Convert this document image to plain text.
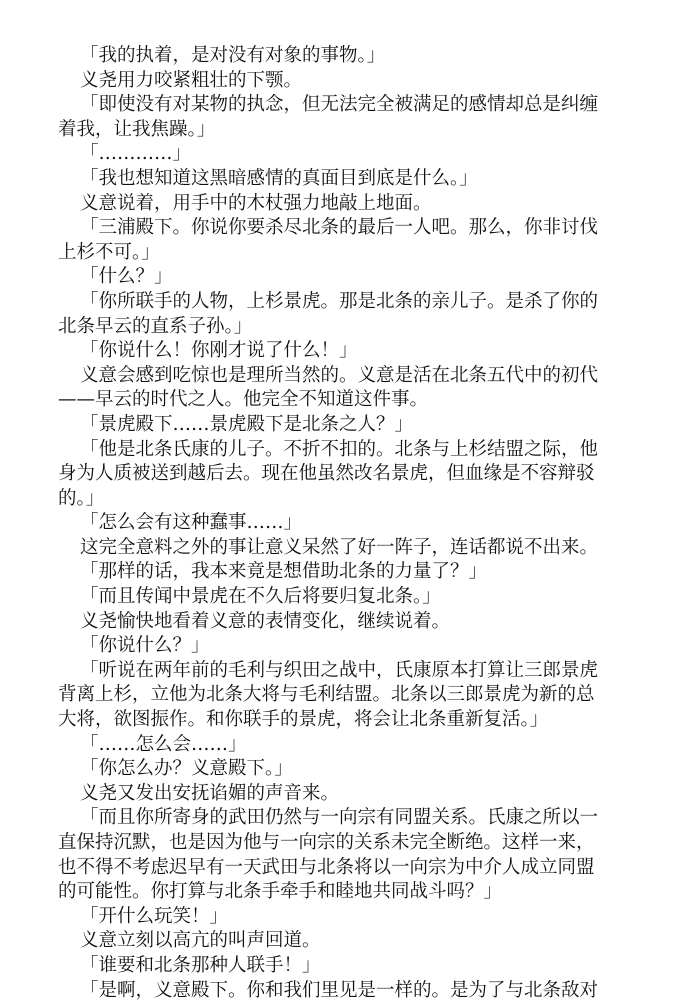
「我的执着，是对没有对象的事物。」
义尧用力咬紧粗壮的下颚。
「即使没有对某物的执念，但无法完全被满足的感情却总是纠缠
着我，让我焦躁。」
「…………」
「我也想知道这黑暗感情的真面目到底是什么。」
义意说着，用手中的木杖强力地敲上地面。
「三浦殿下。你说你要杀尽北条的最后一人吧。那么，你非讨伐
上杉不可。」
「什么？」
「你所联手的人物，上杉景虎。那是北条的亲儿子。是杀了你的
北条早云的直系子孙。」
「你说什么！你刚才说了什么！」
义意会感到吃惊也是理所当然的。义意是活在北条五代中的初代
——早云的时代之人。他完全不知道这件事。
「景虎殿下……景虎殿下是北条之人？」
「他是北条氏康的儿子。不折不扣的。北条与上杉结盟之际，他
身为人质被送到越后去。现在他虽然改名景虎，但血缘是不容辩驳
的。」
「怎么会有这种蠢事……」
这完全意料之外的事让意义呆然了好一阵子，连话都说不出来。
「那样的话，我本来竟是想借助北条的力量了？」
「而且传闻中景虎在不久后将要归复北条。」
义尧愉快地看着义意的表情变化，继续说着。
「你说什么？」
「听说在两年前的毛利与织田之战中，氏康原本打算让三郎景虎
背离上杉，立他为北条大将与毛利结盟。北条以三郎景虎为新的总
大将，欲图振作。和你联手的景虎，将会让北条重新复活。」
「……怎么会……」
「你怎么办？义意殿下。」
义尧又发出安抚谄媚的声音来。
「而且你所寄身的武田仍然与一向宗有同盟关系。氏康之所以一
直保持沉默，也是因为他与一向宗的关系未完全断绝。这样一来，
也不得不考虑迟早有一天武田与北条将以一向宗为中介人成立同盟
的可能性。你打算与北条手牵手和睦地共同战斗吗？」
「开什么玩笑！」
义意立刻以高亢的叫声回道。
「谁要和北条那种人联手！」
「是啊，义意殿下。你和我们里见是一样的。是为了与北条敌对
